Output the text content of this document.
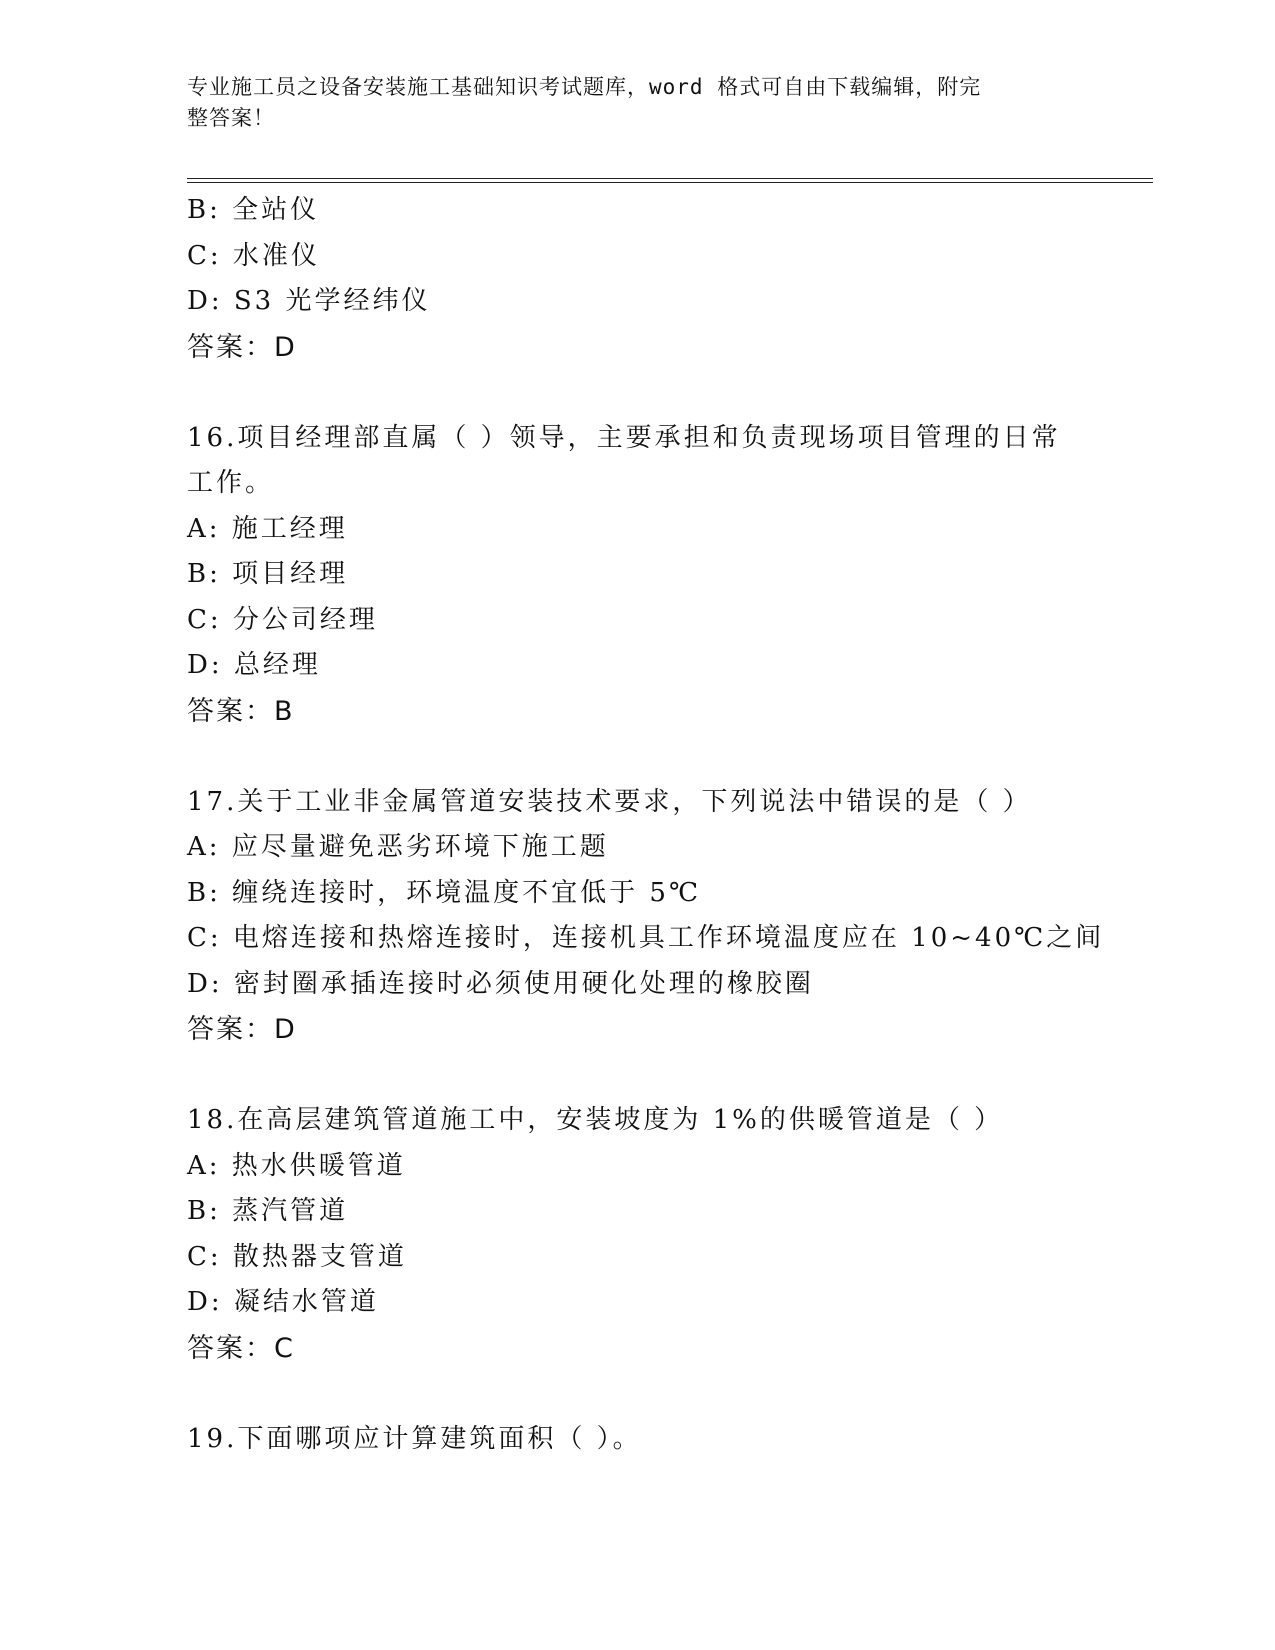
专业施工员之设备安装施工基础知识考试题库，word 格式可自由下载编辑，附完
整答案！
B: 全站仪
C: 水准仪
D: S3 光学经纬仪
答案：D
16.项目经理部直属（ ）领导，主要承担和负责现场项目管理的日常
工作。
A: 施工经理
B: 项目经理
C: 分公司经理
D: 总经理
答案：B
17.关于工业非金属管道安装技术要求，下列说法中错误的是（ ）
A: 应尽量避免恶劣环境下施工题
B: 缠绕连接时，环境温度不宜低于 5℃
C: 电熔连接和热熔连接时，连接机具工作环境温度应在 10~40℃之间
D: 密封圈承插连接时必须使用硬化处理的橡胶圈
答案：D
18.在高层建筑管道施工中，安装坡度为 1%的供暖管道是（ ）
A: 热水供暖管道
B: 蒸汽管道
C: 散热器支管道
D: 凝结水管道
答案：C
19.下面哪项应计算建筑面积（ ）。
